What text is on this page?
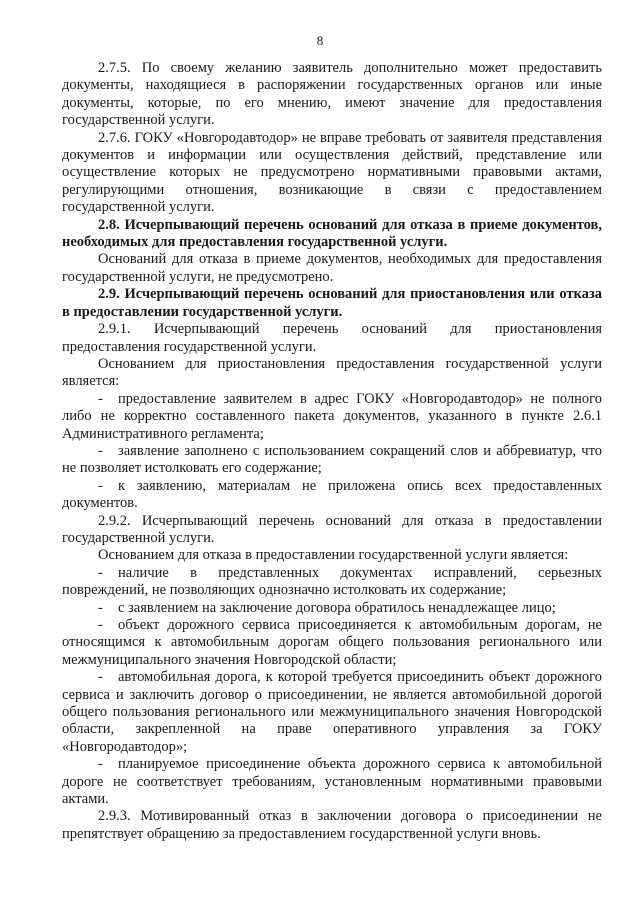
8

2.7.5. По своему желанию заявитель дополнительно может предоставить документы, находящиеся в распоряжении государственных органов или иные документы, которые, по его мнению, имеют значение для предоставления государственной услуги.

2.7.6. ГОКУ «Новгородавтодор» не вправе требовать от заявителя представления документов и информации или осуществления действий, представление или осуществление которых не предусмотрено нормативными правовыми актами, регулирующими отношения, возникающие в связи с предоставлением государственной услуги.

2.8. Исчерпывающий перечень оснований для отказа в приеме документов, необходимых для предоставления государственной услуги.

Оснований для отказа в приеме документов, необходимых для предоставления государственной услуги, не предусмотрено.

2.9. Исчерпывающий перечень оснований для приостановления или отказа в предоставлении государственной услуги.

2.9.1. Исчерпывающий перечень оснований для приостановления предоставления государственной услуги.

Основанием для приостановления предоставления государственной услуги является:

- предоставление заявителем в адрес ГОКУ «Новгородавтодор» не полного либо не корректно составленного пакета документов, указанного в пункте 2.6.1 Административного регламента;

- заявление заполнено с использованием сокращений слов и аббревиатур, что не позволяет истолковать его содержание;

- к заявлению, материалам не приложена опись всех предоставленных документов.

2.9.2. Исчерпывающий перечень оснований для отказа в предоставлении государственной услуги.

Основанием для отказа в предоставлении государственной услуги является:

- наличие в представленных документах исправлений, серьезных повреждений, не позволяющих однозначно истолковать их содержание;

- с заявлением на заключение договора обратилось ненадлежащее лицо;

- объект дорожного сервиса присоединяется к автомобильным дорогам, не относящимся к автомобильным дорогам общего пользования регионального или межмуниципального значения Новгородской области;

- автомобильная дорога, к которой требуется присоединить объект дорожного сервиса и заключить договор о присоединении, не является автомобильной дорогой общего пользования регионального или межмуниципального значения Новгородской области, закрепленной на праве оперативного управления за ГОКУ «Новгородавтодор»;

- планируемое присоединение объекта дорожного сервиса к автомобильной дороге не соответствует требованиям, установленным нормативными правовыми актами.

2.9.3. Мотивированный отказ в заключении договора о присоединении не препятствует обращению за предоставлением государственной услуги вновь.
